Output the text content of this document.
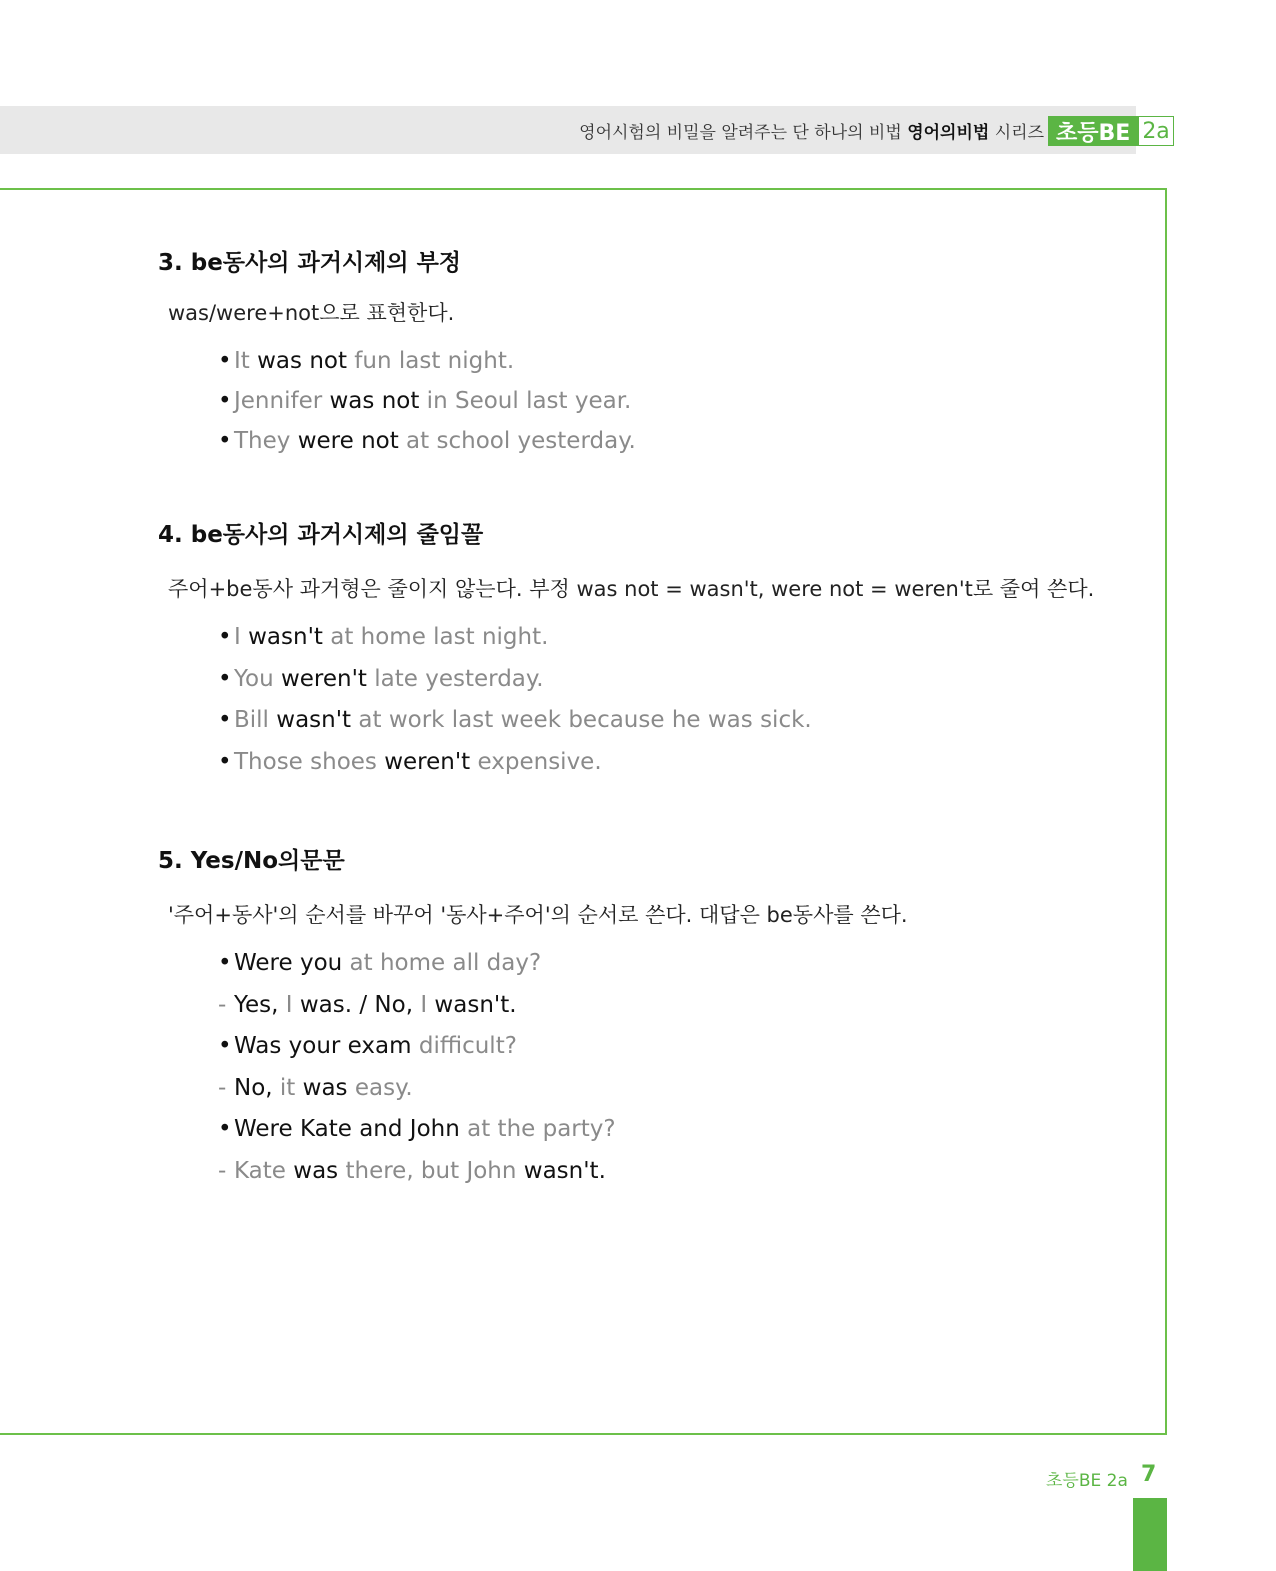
영어시험의 비밀을 알려주는 단 하나의 비법 영어의비법 시리즈 초등BE 2a
3. be동사의 과거시제의 부정

was/were+not으로 표현한다.

• It was not fun last night.

• Jennifer was not in Seoul last year.

• They were not at school yesterday.

4. be동사의 과거시제의 줄임꼴

주어+be동사 과거형은 줄이지 않는다. 부정 was not = wasn't, were not = weren't로 줄여 쓴다.

• I wasn't at home last night.

• You weren't late yesterday.

• Bill wasn't at work last week because he was sick.

• Those shoes weren't expensive.

5. Yes/No의문문

'주어+동사'의 순서를 바꾸어 '동사+주어'의 순서로 쓴다. 대답은 be동사를 쓴다.

• Were you at home all day?

- Yes, I was. / No, I wasn't.

• Was your exam difficult?

- No, it was easy.

• Were Kate and John at the party?

- Kate was there, but John wasn't.

초등BE 2a 7
